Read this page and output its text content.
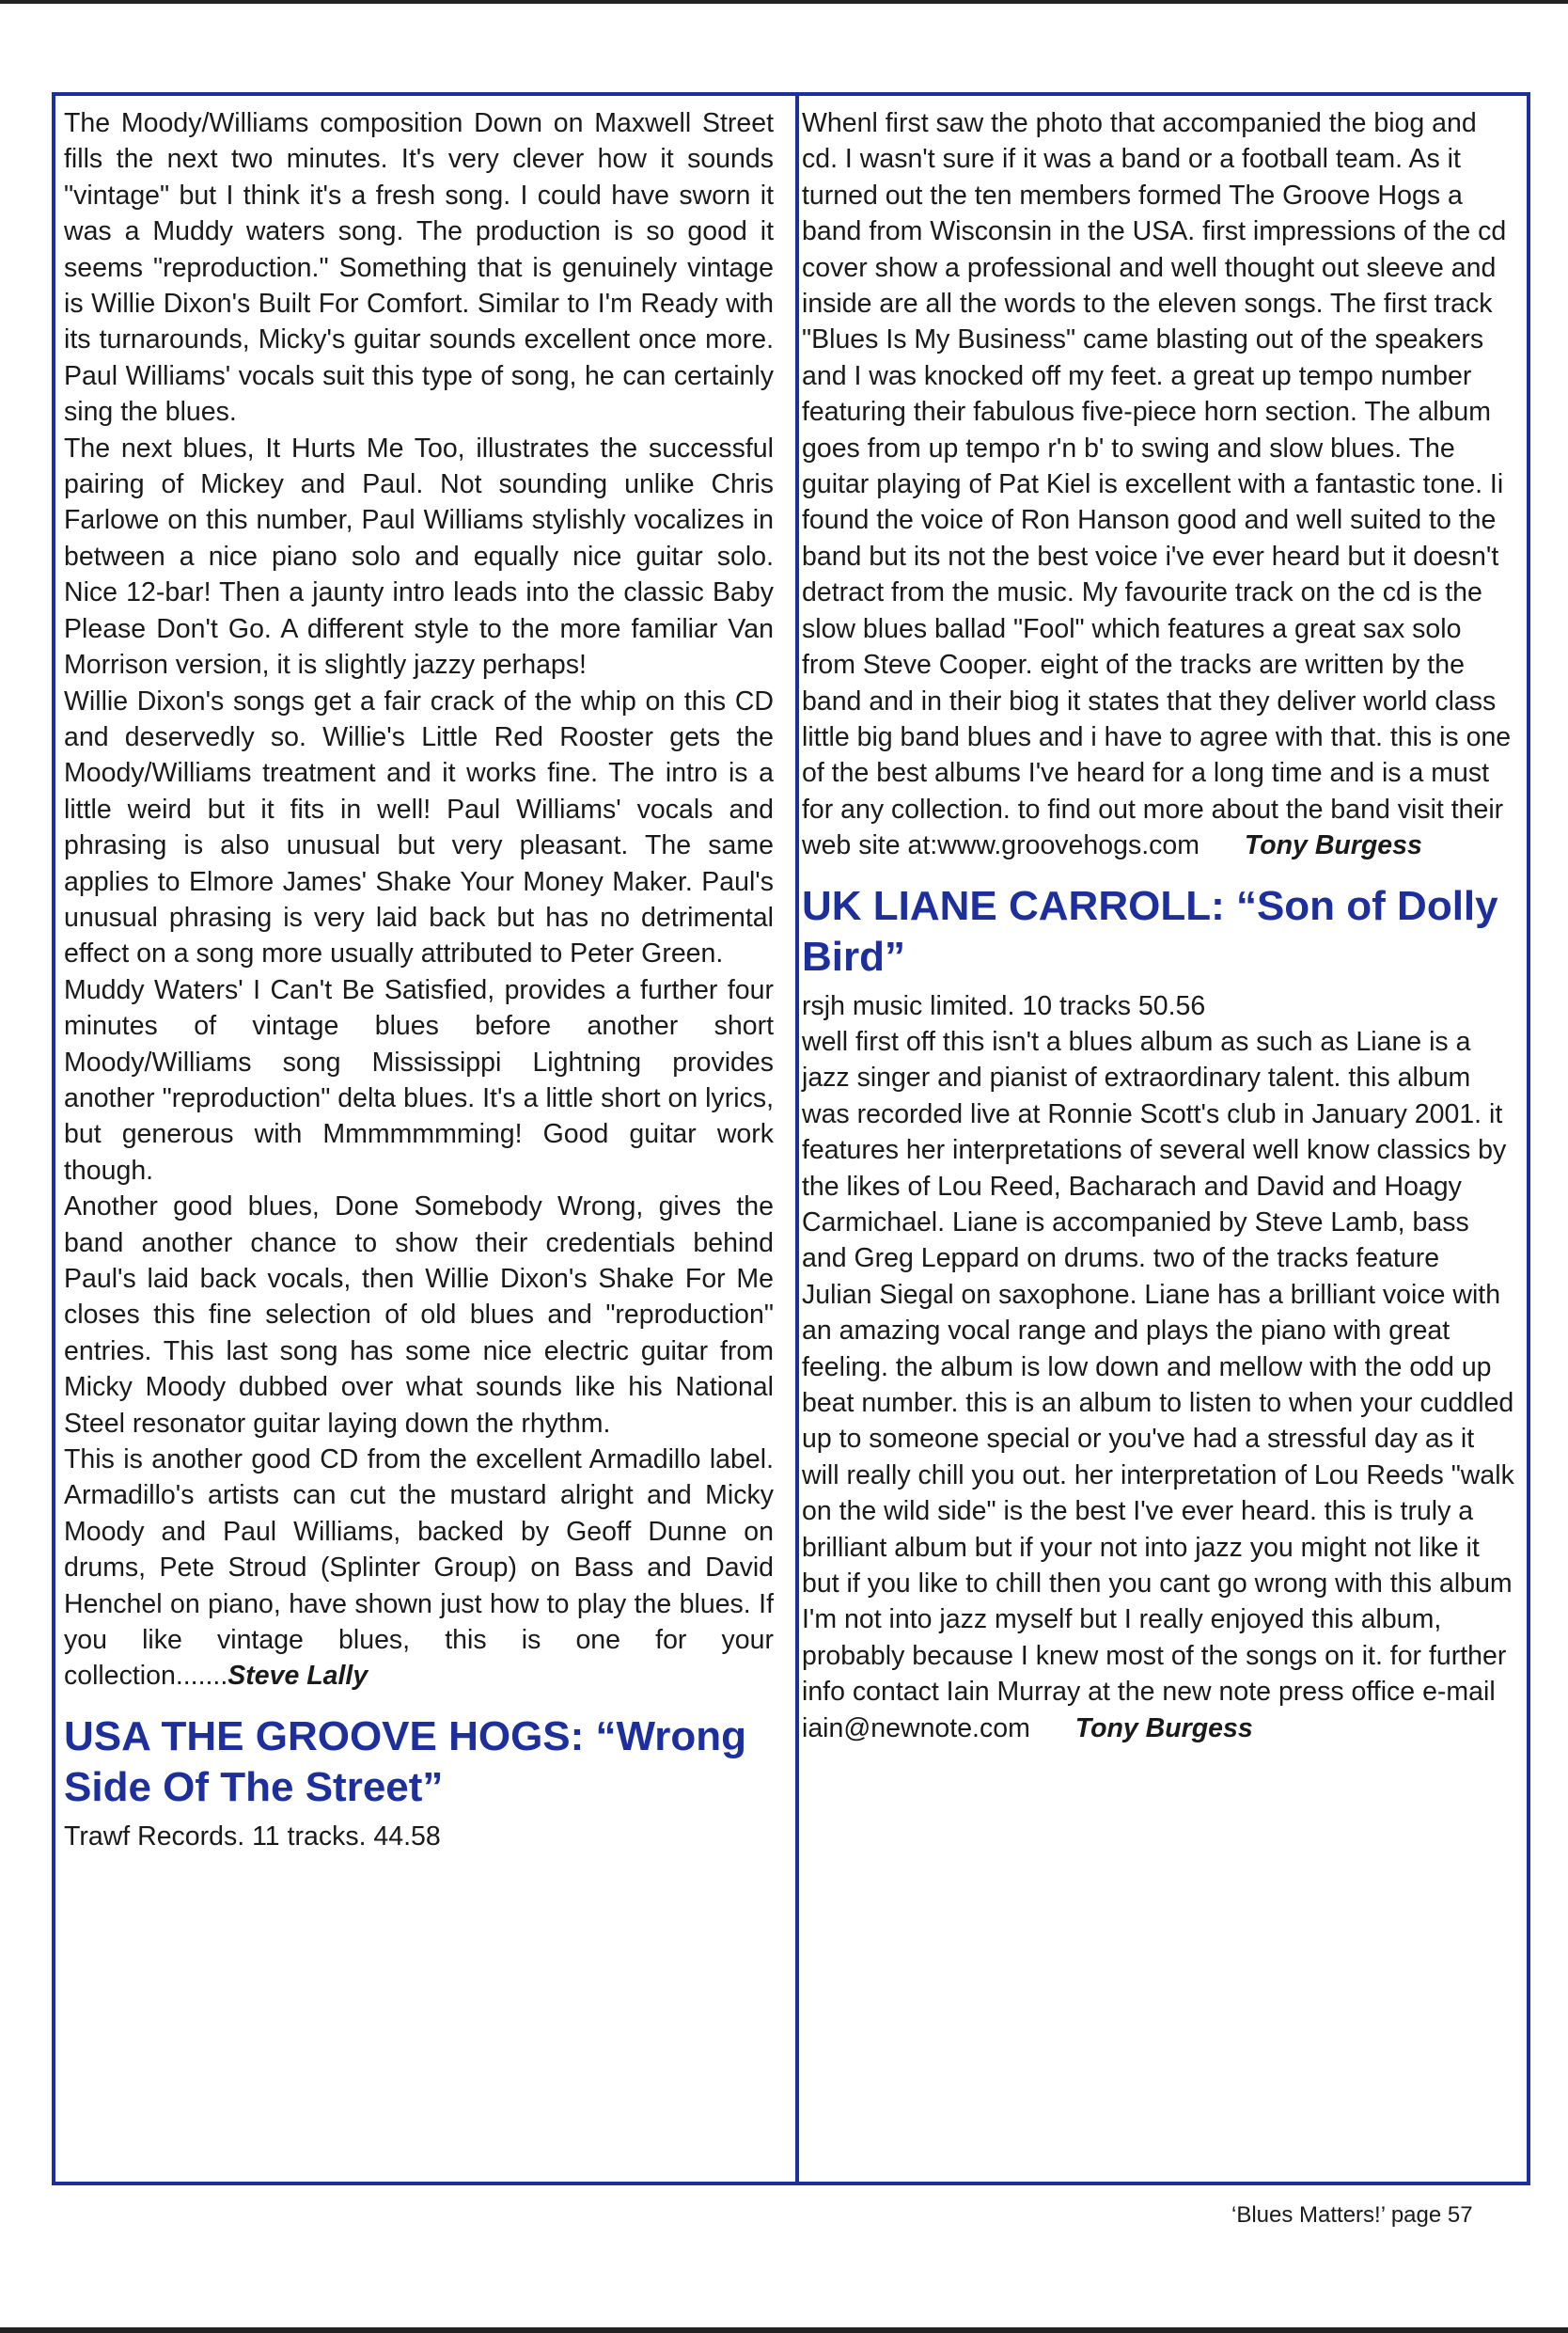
The Moody/Williams composition Down on Maxwell Street fills the next two minutes. It's very clever how it sounds "vintage" but I think it's a fresh song. I could have sworn it was a Muddy waters song. The production is so good it seems "reproduction." Something that is genuinely vintage is Willie Dixon's Built For Comfort. Similar to I'm Ready with its turnarounds, Micky's guitar sounds excellent once more. Paul Williams' vocals suit this type of song, he can certainly sing the blues.

The next blues, It Hurts Me Too, illustrates the successful pairing of Mickey and Paul. Not sounding unlike Chris Farlowe on this number, Paul Williams stylishly vocalizes in between a nice piano solo and equally nice guitar solo. Nice 12-bar! Then a jaunty intro leads into the classic Baby Please Don't Go. A different style to the more familiar Van Morrison version, it is slightly jazzy perhaps!

Willie Dixon's songs get a fair crack of the whip on this CD and deservedly so. Willie's Little Red Rooster gets the Moody/Williams treatment and it works fine. The intro is a little weird but it fits in well! Paul Williams' vocals and phrasing is also unusual but very pleasant. The same applies to Elmore James' Shake Your Money Maker. Paul's unusual phrasing is very laid back but has no detrimental effect on a song more usually attributed to Peter Green.

Muddy Waters' I Can't Be Satisfied, provides a further four minutes of vintage blues before another short Moody/Williams song Mississippi Lightning provides another "reproduction" delta blues. It's a little short on lyrics, but generous with Mmmmmmming! Good guitar work though.

Another good blues, Done Somebody Wrong, gives the band another chance to show their credentials behind Paul's laid back vocals, then Willie Dixon's Shake For Me closes this fine selection of old blues and "reproduction" entries. This last song has some nice electric guitar from Micky Moody dubbed over what sounds like his National Steel resonator guitar laying down the rhythm.

This is another good CD from the excellent Armadillo label. Armadillo's artists can cut the mustard alright and Micky Moody and Paul Williams, backed by Geoff Dunne on drums, Pete Stroud (Splinter Group) on Bass and David Henchel on piano, have shown just how to play the blues. If you like vintage blues, this is one for your collection.......Steve Lally

USA THE GROOVE HOGS: “Wrong Side Of The Street”

Trawf Records. 11 tracks. 44.58

Whenl first saw the photo that accompanied the biog and cd. I wasn't sure if it was a band or a football team. As it turned out the ten members formed The Groove Hogs a band from Wisconsin in the USA. first impressions of the cd cover show a professional and well thought out sleeve and inside are all the words to the eleven songs. The first track "Blues Is My Business" came blasting out of the speakers and I was knocked off my feet. a great up tempo number featuring their fabulous five-piece horn section. The album goes from up tempo r'n b' to swing and slow blues. The guitar playing of Pat Kiel is excellent with a fantastic tone. Ii found the voice of Ron Hanson good and well suited to the band but its not the best voice i've ever heard but it doesn't detract from the music. My favourite track on the cd is the slow blues ballad "Fool" which features a great sax solo from Steve Cooper. eight of the tracks are written by the band and in their biog it states that they deliver world class little big band blues and i have to agree with that. this is one of the best albums I've heard for a long time and is a must for any collection. to find out more about the band visit their web site at:www.groovehogs.com Tony Burgess

UK LIANE CARROLL: “Son of Dolly Bird”

rsjh music limited. 10 tracks 50.56

well first off this isn't a blues album as such as Liane is a jazz singer and pianist of extraordinary talent. this album was recorded live at Ronnie Scott's club in January 2001. it features her interpretations of several well know classics by the likes of Lou Reed, Bacharach and David and Hoagy Carmichael. Liane is accompanied by Steve Lamb, bass and Greg Leppard on drums. two of the tracks feature Julian Siegal on saxophone. Liane has a brilliant voice with an amazing vocal range and plays the piano with great feeling. the album is low down and mellow with the odd up beat number. this is an album to listen to when your cuddled up to someone special or you've had a stressful day as it will really chill you out. her interpretation of Lou Reeds "walk on the wild side" is the best I've ever heard. this is truly a brilliant album but if your not into jazz you might not like it but if you like to chill then you cant go wrong with this album I'm not into jazz myself but I really enjoyed this album, probably because I knew most of the songs on it. for further info contact Iain Murray at the new note press office e-mail iain@newnote.com Tony Burgess

‘Blues Matters!’ page 57
